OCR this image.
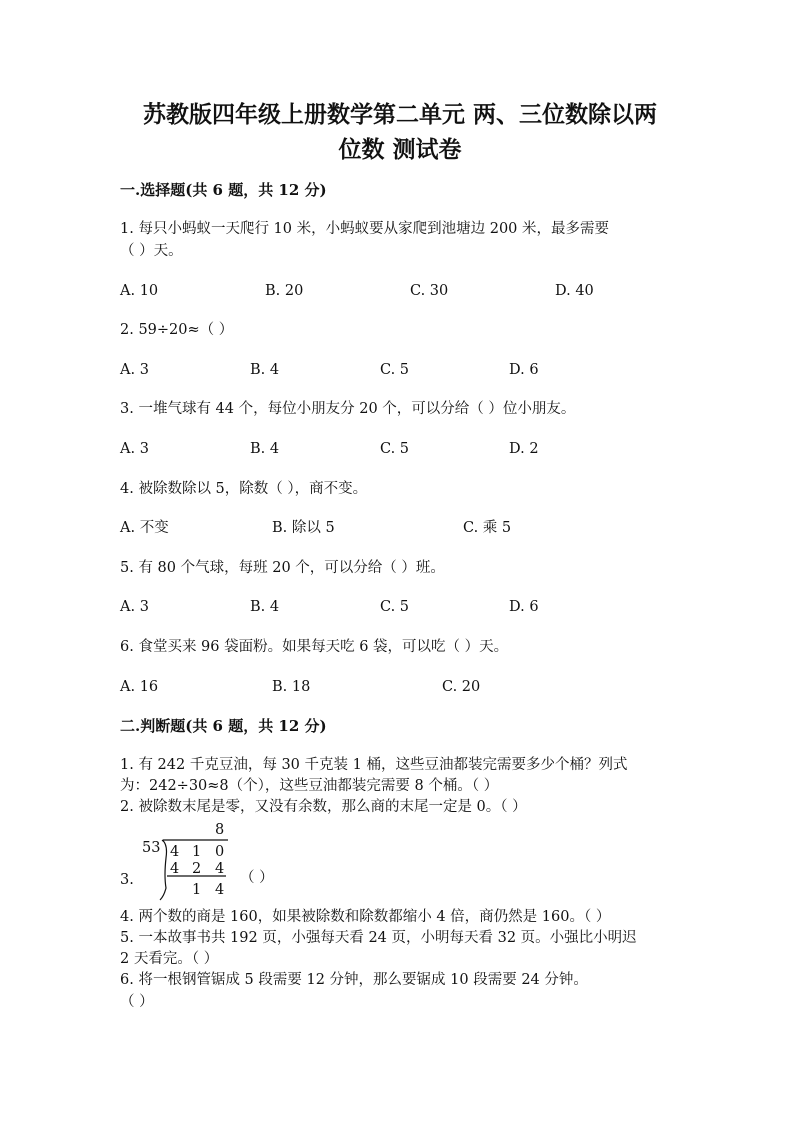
苏教版四年级上册数学第二单元 两、三位数除以两
位数 测试卷
一.选择题(共 6 题，共 12 分)
1. 每只小蚂蚁一天爬行 10 米，小蚂蚁要从家爬到池塘边 200 米，最多需要
（ ）天。
A. 10	B. 20	C. 30	D. 40
2. 59÷20≈（ ）
A. 3	B. 4	C. 5	D. 6
3. 一堆气球有 44 个，每位小朋友分 20 个，可以分给（ ）位小朋友。
A. 3	B. 4	C. 5	D. 2
4. 被除数除以 5，除数（ ），商不变。
A. 不变	B. 除以 5	C. 乘 5
5. 有 80 个气球，每班 20 个，可以分给（ ）班。
A. 3	B. 4	C. 5	D. 6
6. 食堂买来 96 袋面粉。如果每天吃 6 袋，可以吃（ ）天。
A. 16	B. 18	C. 20
二.判断题(共 6 题，共 12 分)
1. 有 242 千克豆油，每 30 千克装 1 桶，这些豆油都装完需要多少个桶？列式
为：242÷30≈8（个），这些豆油都装完需要 8 个桶。（ ）
2. 被除数末尾是零，又没有余数，那么商的末尾一定是 0。（ ）
3.
53
8
4 1 0
4 2 4
1 4
（ ）
4. 两个数的商是 160，如果被除数和除数都缩小 4 倍，商仍然是 160。（ ）
5. 一本故事书共 192 页，小强每天看 24 页，小明每天看 32 页。小强比小明迟
2 天看完。（ ）
6. 将一根钢管锯成 5 段需要 12 分钟，那么要锯成 10 段需要 24 分钟。
（ ）
